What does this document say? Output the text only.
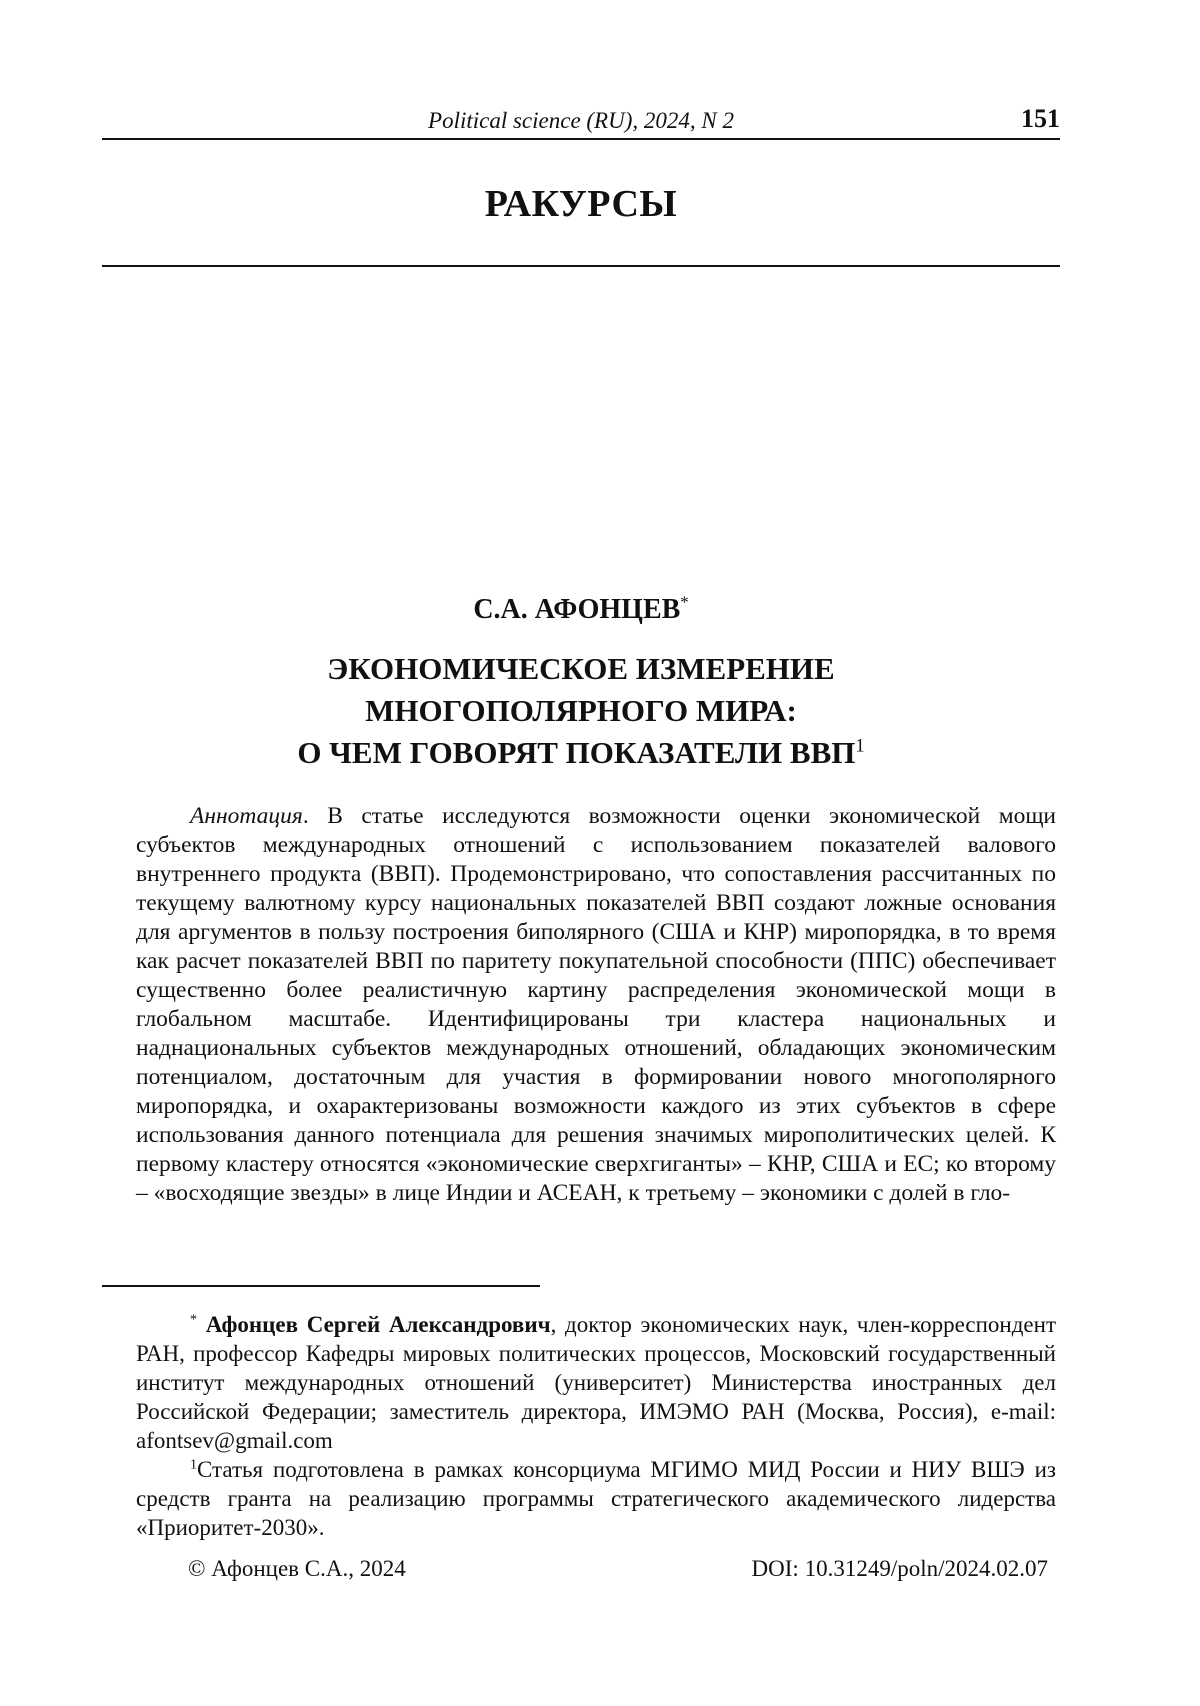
Political science (RU), 2024, N 2	151
РАКУРСЫ
С.А. АФОНЦЕВ*
ЭКОНОМИЧЕСКОЕ ИЗМЕРЕНИЕ
МНОГОПОЛЯРНОГО МИРА:
О ЧЕМ ГОВОРЯТ ПОКАЗАТЕЛИ ВВП$^1$
Аннотация. В статье исследуются возможности оценки экономической мощи субъектов международных отношений с использованием показателей валового внутреннего продукта (ВВП). Продемонстрировано, что сопоставления рассчитанных по текущему валютному курсу национальных показателей ВВП создают ложные основания для аргументов в пользу построения биполярного (США и КНР) миропорядка, в то время как расчет показателей ВВП по паритету покупательной способности (ППС) обеспечивает существенно более реалистичную картину распределения экономической мощи в глобальном масштабе. Идентифицированы три кластера национальных и наднациональных субъектов международных отношений, обладающих экономическим потенциалом, достаточным для участия в формировании нового многополярного миропорядка, и охарактеризованы возможности каждого из этих субъектов в сфере использования данного потенциала для решения значимых мирополитических целей. К первому кластеру относятся «экономические сверхгиганты» – КНР, США и ЕС; ко второму – «восходящие звезды» в лице Индии и АСЕАН, к третьему – экономики с долей в гло-
* Афонцев Сергей Александрович, доктор экономических наук, член-корреспондент РАН, профессор Кафедры мировых политических процессов, Московский государственный институт международных отношений (университет) Министерства иностранных дел Российской Федерации; заместитель директора, ИМЭМО РАН (Москва, Россия), e-mail: afontsev@gmail.com
$^1$Статья подготовлена в рамках консорциума МГИМО МИД России и НИУ ВШЭ из средств гранта на реализацию программы стратегического академического лидерства «Приоритет-2030».
© Афонцев С.А., 2024	DOI: 10.31249/poln/2024.02.07
